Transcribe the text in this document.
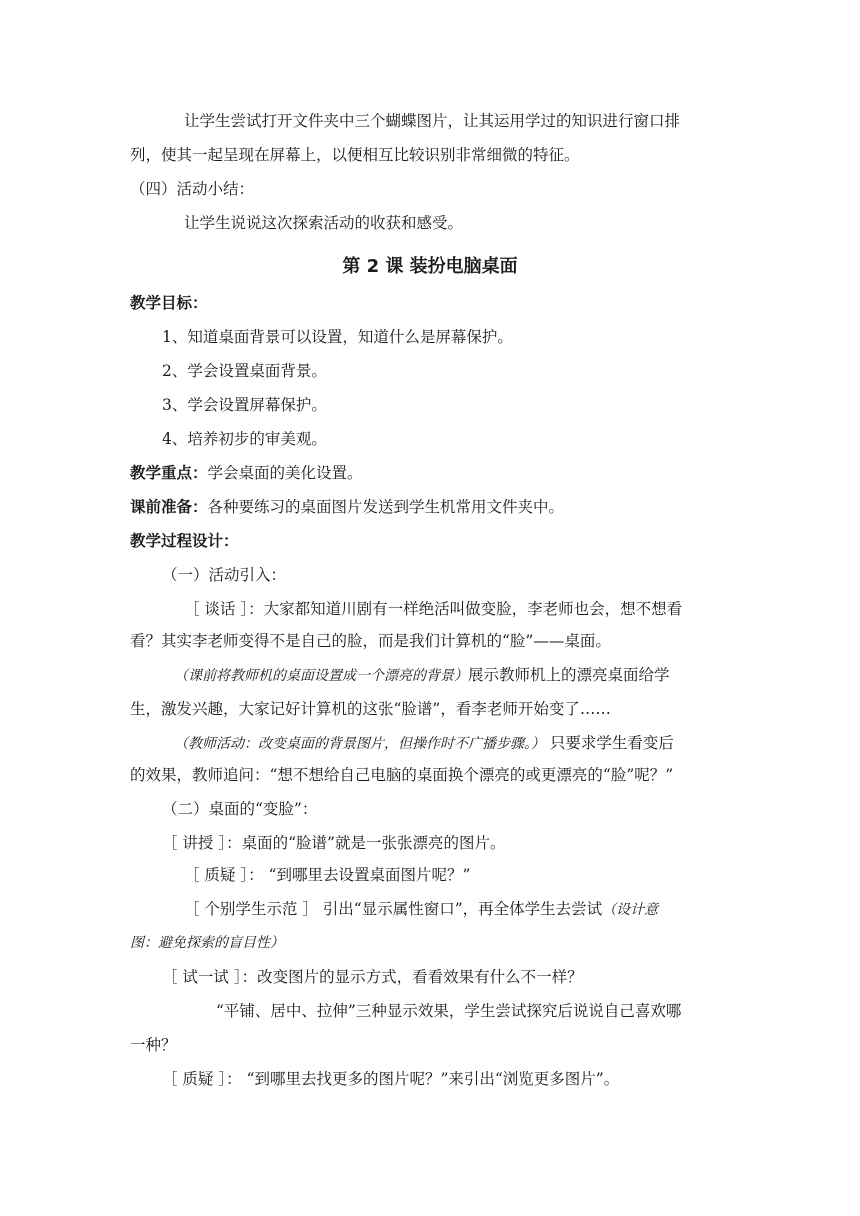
让学生尝试打开文件夹中三个蝴蝶图片，让其运用学过的知识进行窗口排
列，使其一起呈现在屏幕上，以便相互比较识别非常细微的特征。
（四）活动小结：
让学生说说这次探索活动的收获和感受。
第 2 课 装扮电脑桌面
教学目标：
1、知道桌面背景可以设置，知道什么是屏幕保护。
2、学会设置桌面背景。
3、学会设置屏幕保护。
4、培养初步的审美观。
教学重点：学会桌面的美化设置。
课前准备：各种要练习的桌面图片发送到学生机常用文件夹中。
教学过程设计：
（一）活动引入：
［ 谈话 ］：大家都知道川剧有一样绝活叫做变脸，李老师也会，想不想看
看？其实李老师变得不是自己的脸，而是我们计算机的“脸”——桌面。
（课前将教师机的桌面设置成一个漂亮的背景）展示教师机上的漂亮桌面给学
生，激发兴趣，大家记好计算机的这张“脸谱”，看李老师开始变了……
（教师活动：改变桌面的背景图片，但操作时不广播步骤。） 只要求学生看变后
的效果，教师追问：“想不想给自己电脑的桌面换个漂亮的或更漂亮的“脸”呢？”
（二）桌面的“变脸”：
［ 讲授 ］：桌面的“脸谱”就是一张张漂亮的图片。
［ 质疑 ］： “到哪里去设置桌面图片呢？”
［ 个别学生示范 ］ 引出“显示属性窗口”，再全体学生去尝试（设计意
图：避免探索的盲目性）
［ 试一试 ］：改变图片的显示方式，看看效果有什么不一样？
“平铺、居中、拉伸”三种显示效果，学生尝试探究后说说自己喜欢哪
一种？
［ 质疑 ］： “到哪里去找更多的图片呢？”来引出“浏览更多图片”。
